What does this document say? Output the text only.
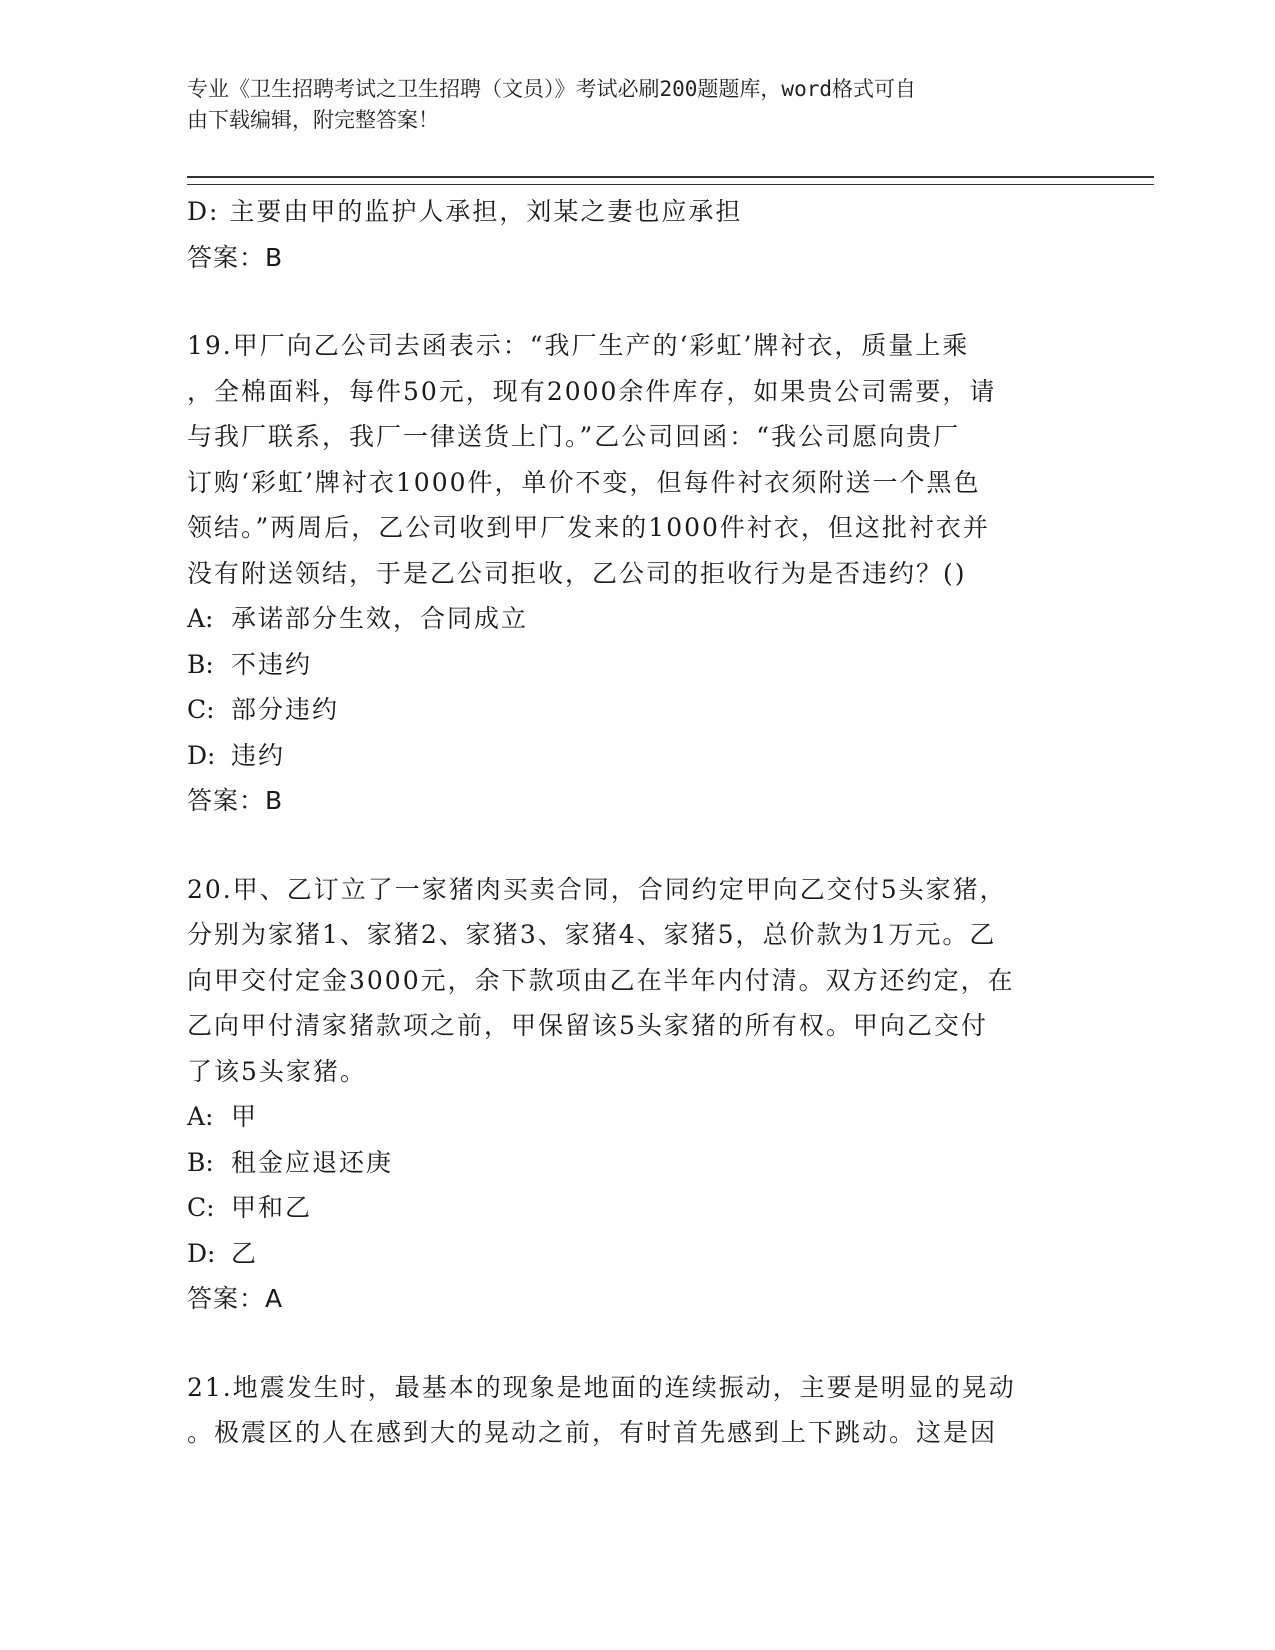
专业《卫生招聘考试之卫生招聘（文员）》考试必刷200题题库，word格式可自
由下载编辑，附完整答案！
D: 主要由甲的监护人承担，刘某之妻也应承担
答案：B
19.甲厂向乙公司去函表示：“我厂生产的‘彩虹’牌衬衣，质量上乘
，全棉面料，每件50元，现有2000余件库存，如果贵公司需要，请
与我厂联系，我厂一律送货上门。”乙公司回函：“我公司愿向贵厂
订购‘彩虹’牌衬衣1000件，单价不变，但每件衬衣须附送一个黑色
领结。”两周后，乙公司收到甲厂发来的1000件衬衣，但这批衬衣并
没有附送领结，于是乙公司拒收，乙公司的拒收行为是否违约？()
A: 承诺部分生效，合同成立
B: 不违约
C: 部分违约
D: 违约
答案：B
20.甲、乙订立了一家猪肉买卖合同，合同约定甲向乙交付5头家猪，
分别为家猪1、家猪2、家猪3、家猪4、家猪5，总价款为1万元。乙
向甲交付定金3000元，余下款项由乙在半年内付清。双方还约定，在
乙向甲付清家猪款项之前，甲保留该5头家猪的所有权。甲向乙交付
了该5头家猪。
A: 甲
B: 租金应退还庚
C: 甲和乙
D: 乙
答案：A
21.地震发生时，最基本的现象是地面的连续振动，主要是明显的晃动
。极震区的人在感到大的晃动之前，有时首先感到上下跳动。这是因
